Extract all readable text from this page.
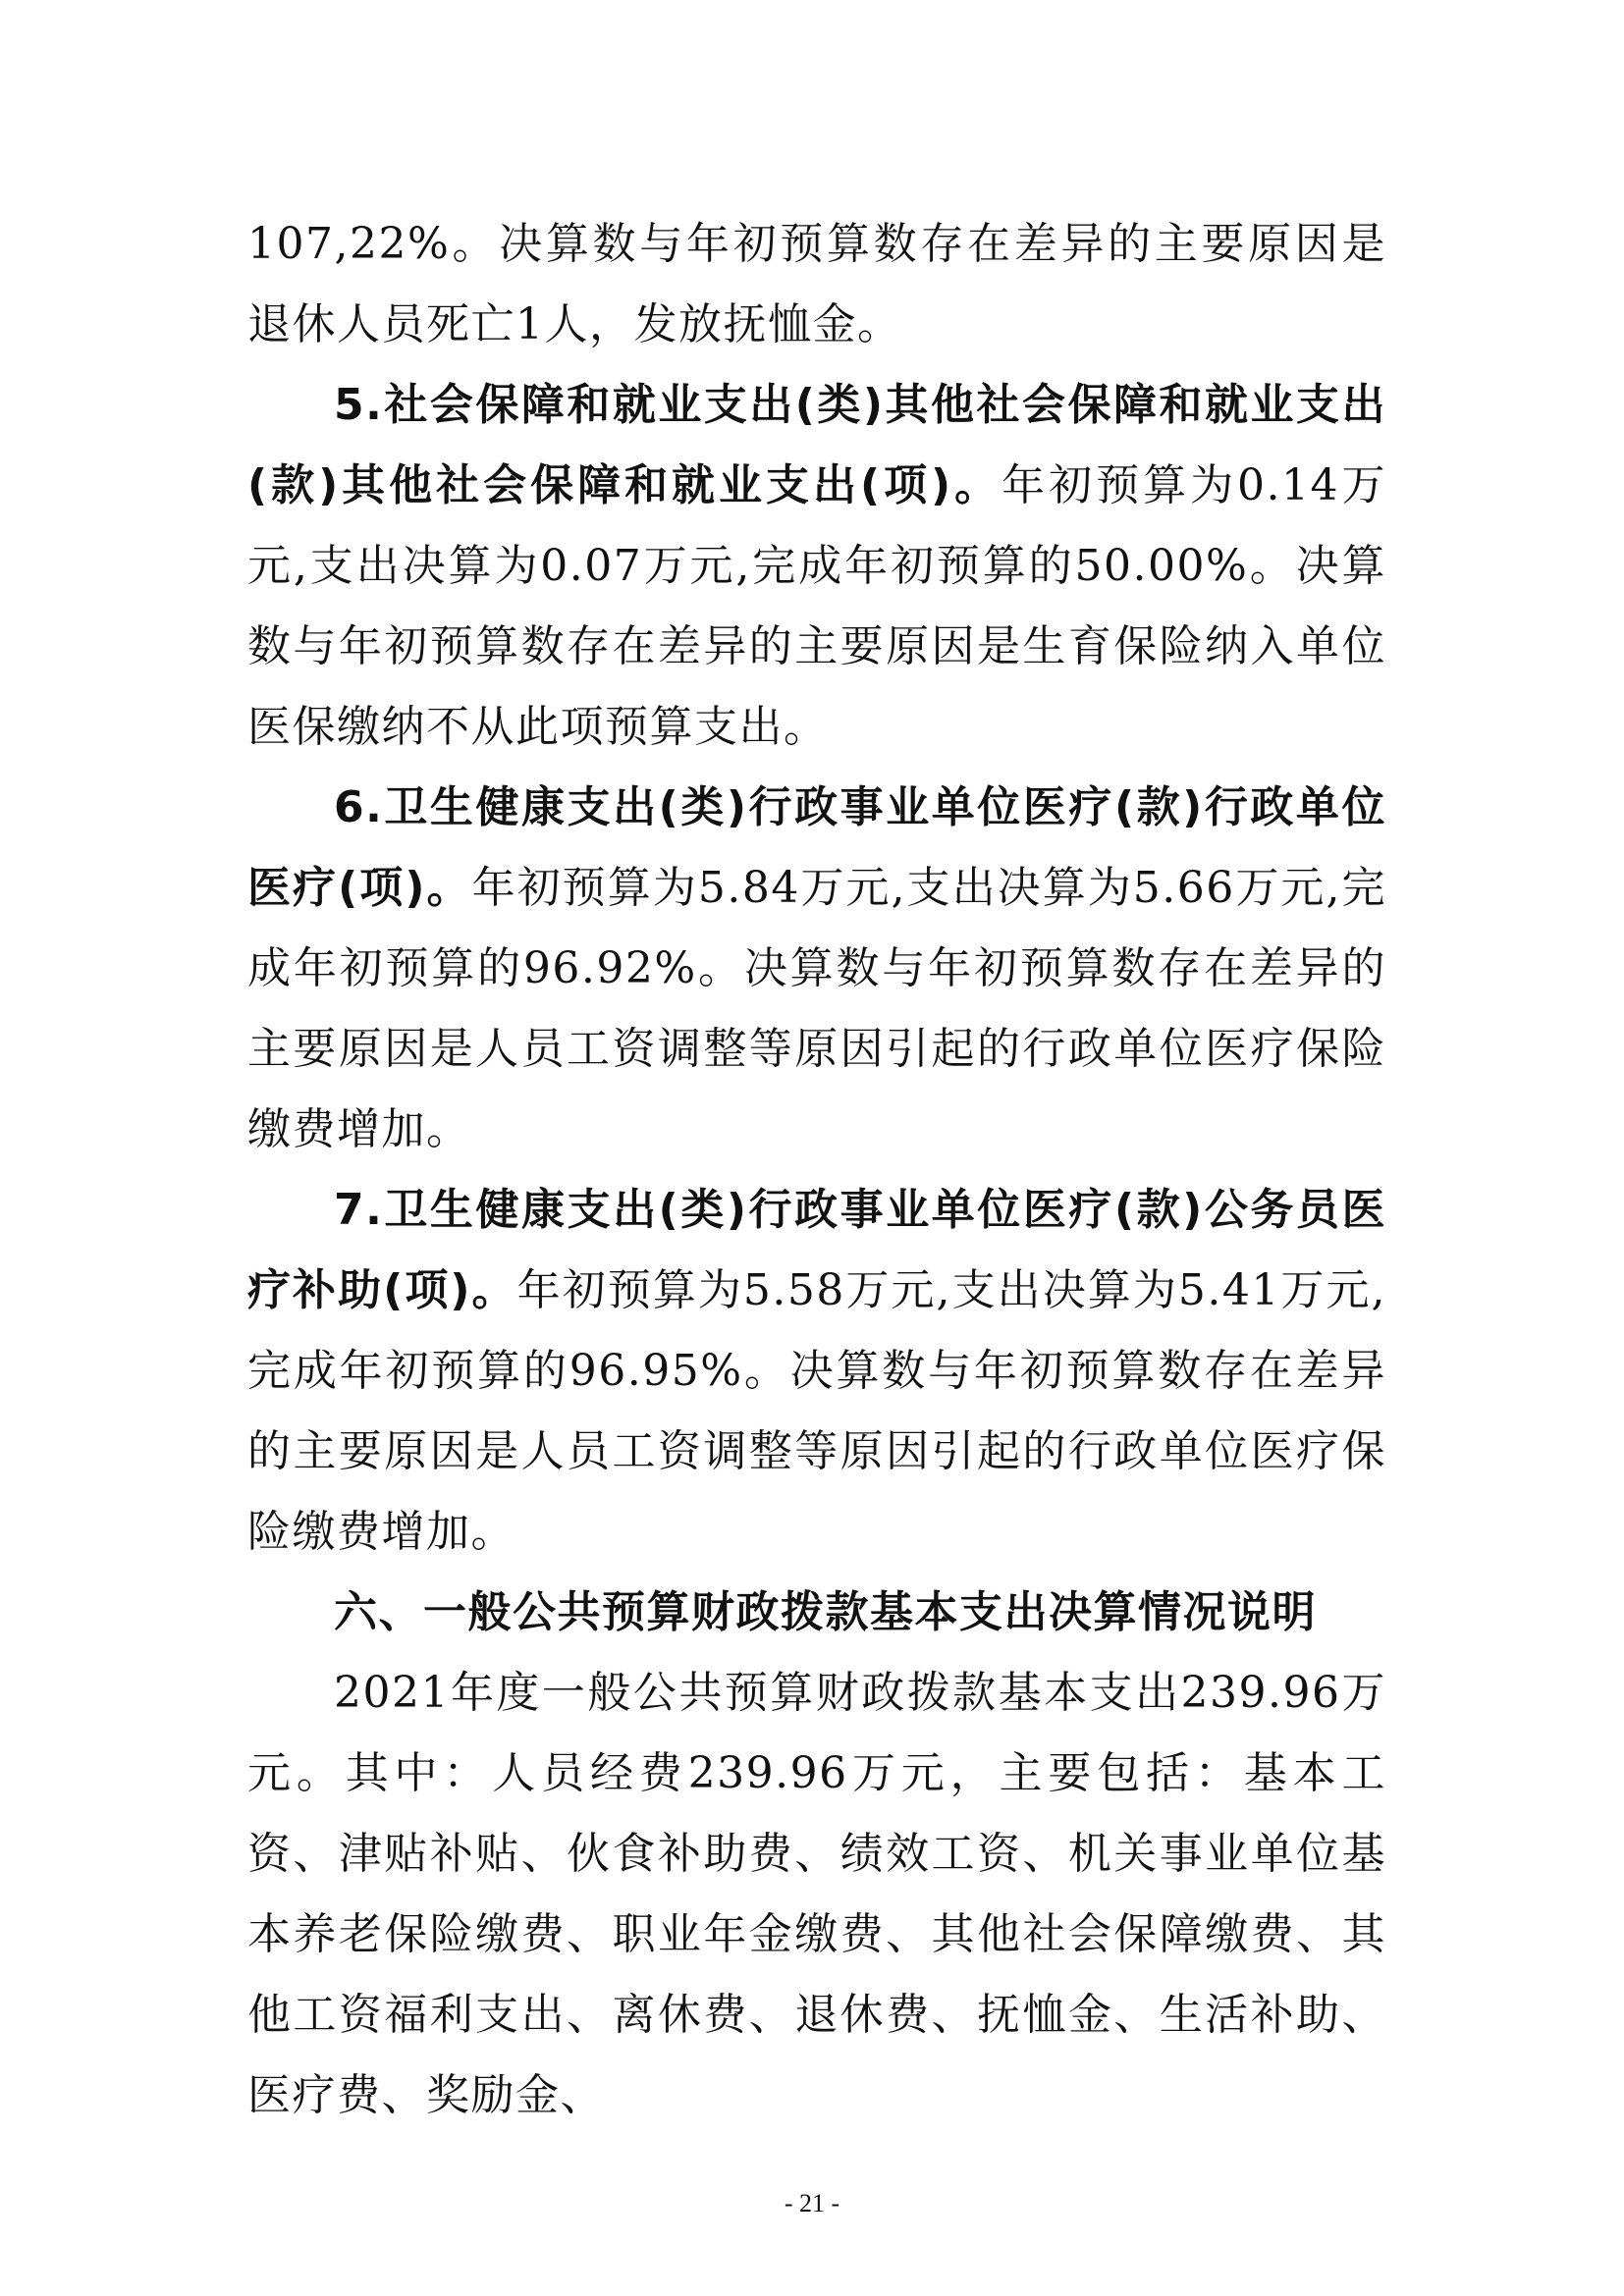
107,22%。决算数与年初预算数存在差异的主要原因是退休人员死亡1人，发放抚恤金。

5.社会保障和就业支出(类)其他社会保障和就业支出(款)其他社会保障和就业支出(项)。年初预算为0.14万元,支出决算为0.07万元,完成年初预算的50.00%。决算数与年初预算数存在差异的主要原因是生育保险纳入单位医保缴纳不从此项预算支出。

6.卫生健康支出(类)行政事业单位医疗(款)行政单位医疗(项)。年初预算为5.84万元,支出决算为5.66万元,完成年初预算的96.92%。决算数与年初预算数存在差异的主要原因是人员工资调整等原因引起的行政单位医疗保险缴费增加。

7.卫生健康支出(类)行政事业单位医疗(款)公务员医疗补助(项)。年初预算为5.58万元,支出决算为5.41万元,完成年初预算的96.95%。决算数与年初预算数存在差异的主要原因是人员工资调整等原因引起的行政单位医疗保险缴费增加。

六、一般公共预算财政拨款基本支出决算情况说明

2021年度一般公共预算财政拨款基本支出239.96万元。其中：人员经费239.96万元，主要包括：基本工资、津贴补贴、伙食补助费、绩效工资、机关事业单位基本养老保险缴费、职业年金缴费、其他社会保障缴费、其他工资福利支出、离休费、退休费、抚恤金、生活补助、医疗费、奖励金、

- 21 -
